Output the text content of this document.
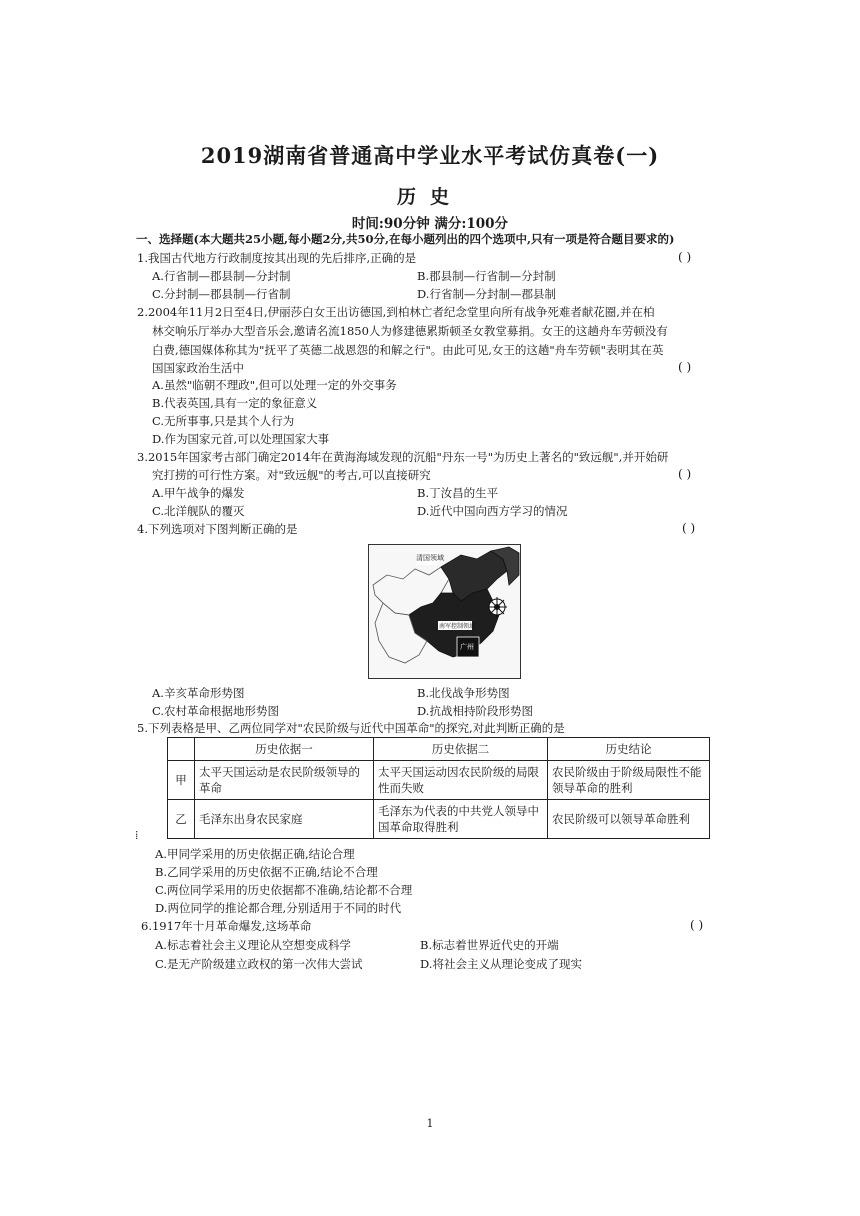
2019湖南省普通高中学业水平考试仿真卷(一)
历史
时间:90分钟 满分:100分
一、选择题(本大题共25小题,每小题2分,共50分,在每小题列出的四个选项中,只有一项是符合题目要求的)
1.我国古代地方行政制度按其出现的先后排序,正确的是	( )
A.行省制—郡县制—分封制	B.郡县制—行省制—分封制
C.分封制—郡县制—行省制	D.行省制—分封制—郡县制
2.2004年11月2日至4日,伊丽莎白女王出访德国,到柏林亡者纪念堂里向所有战争死难者献花圈,并在柏
林交响乐厅举办大型音乐会,邀请名流1850人为修建德累斯顿圣女教堂募捐。女王的这趟舟车劳顿没有
白费,德国媒体称其为"抚平了英德二战恩怨的和解之行"。由此可见,女王的这趟"舟车劳顿"表明其在英
国国家政治生活中	( )
A.虽然"临朝不理政",但可以处理一定的外交事务
B.代表英国,具有一定的象征意义
C.无所事事,只是其个人行为
D.作为国家元首,可以处理国家大事
3.2015年国家考古部门确定2014年在黄海海域发现的沉船"丹东一号"为历史上著名的"致远舰",并开始研
究打捞的可行性方案。对"致远舰"的考古,可以直接研究	( )
A.甲午战争的爆发	B.丁汝昌的生平
C.北洋舰队的覆灭	D.近代中国向西方学习的情况
4.下列选项对下图判断正确的是	( )
清国领域
南军控制领域
广州
A.辛亥革命形势图	B.北伐战争形势图
C.农村革命根据地形势图	D.抗战相持阶段形势图
5.下列表格是甲、乙两位同学对"农民阶级与近代中国革命"的探究,对此判断正确的是
⁞
	历史依据一	历史依据二	历史结论
甲	太平天国运动是农民阶级领导的革命	太平天国运动因农民阶级的局限性而失败	农民阶级由于阶级局限性不能领导革命的胜利
乙	毛泽东出身农民家庭	毛泽东为代表的中共党人领导中国革命取得胜利	农民阶级可以领导革命胜利
A.甲同学采用的历史依据正确,结论合理
B.乙同学采用的历史依据不正确,结论不合理
C.两位同学采用的历史依据都不准确,结论都不合理
D.两位同学的推论都合理,分别适用于不同的时代
6.1917年十月革命爆发,这场革命	( )
A.标志着社会主义理论从空想变成科学	B.标志着世界近代史的开端
C.是无产阶级建立政权的第一次伟大尝试	D.将社会主义从理论变成了现实
1
